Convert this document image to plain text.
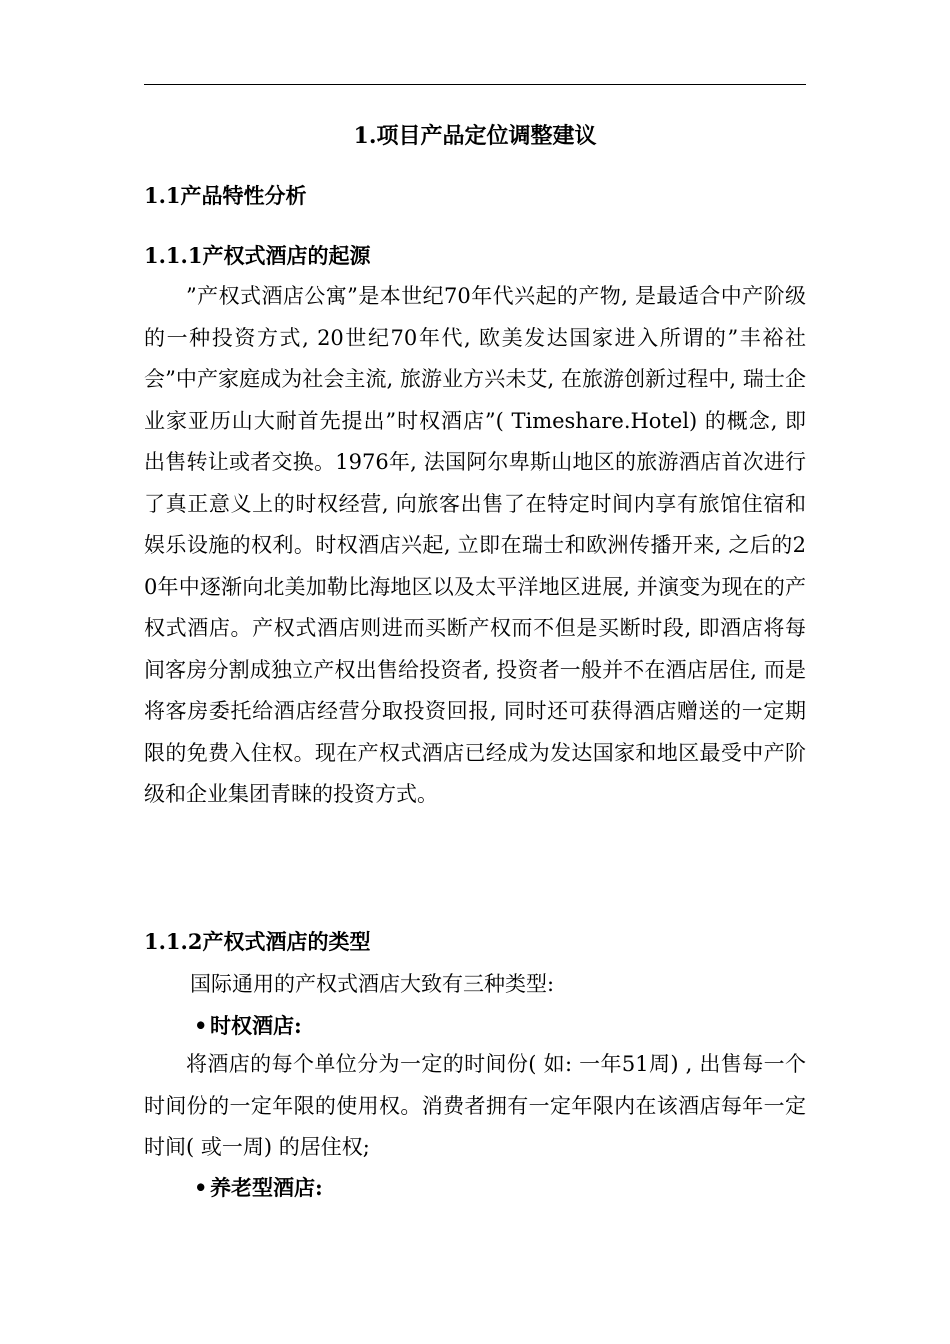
1.项目产品定位调整建议
1.1产品特性分析
1.1.1产权式酒店的起源

”产权式酒店公寓”是本世纪70年代兴起的产物, 是最适合中产阶级的一种投资方式, 20世纪70年代, 欧美发达国家进入所谓的”丰裕社会”中产家庭成为社会主流, 旅游业方兴未艾, 在旅游创新过程中, 瑞士企业家亚历山大耐首先提出”时权酒店”( Timeshare.Hotel) 的概念, 即出售转让或者交换。1976年, 法国阿尔卑斯山地区的旅游酒店首次进行了真正意义上的时权经营, 向旅客出售了在特定时间内享有旅馆住宿和娱乐设施的权利。时权酒店兴起, 立即在瑞士和欧洲传播开来, 之后的20年中逐渐向北美加勒比海地区以及太平洋地区进展, 并演变为现在的产权式酒店。产权式酒店则进而买断产权而不但是买断时段, 即酒店将每间客房分割成独立产权出售给投资者, 投资者一般并不在酒店居住, 而是将客房委托给酒店经营分取投资回报, 同时还可获得酒店赠送的一定期限的免费入住权。现在产权式酒店已经成为发达国家和地区最受中产阶级和企业集团青睐的投资方式。

1.1.2产权式酒店的类型

国际通用的产权式酒店大致有三种类型:

• 时权酒店:

将酒店的每个单位分为一定的时间份( 如: 一年51周) , 出售每一个时间份的一定年限的使用权。消费者拥有一定年限内在该酒店每年一定时间( 或一周) 的居住权;

• 养老型酒店:
